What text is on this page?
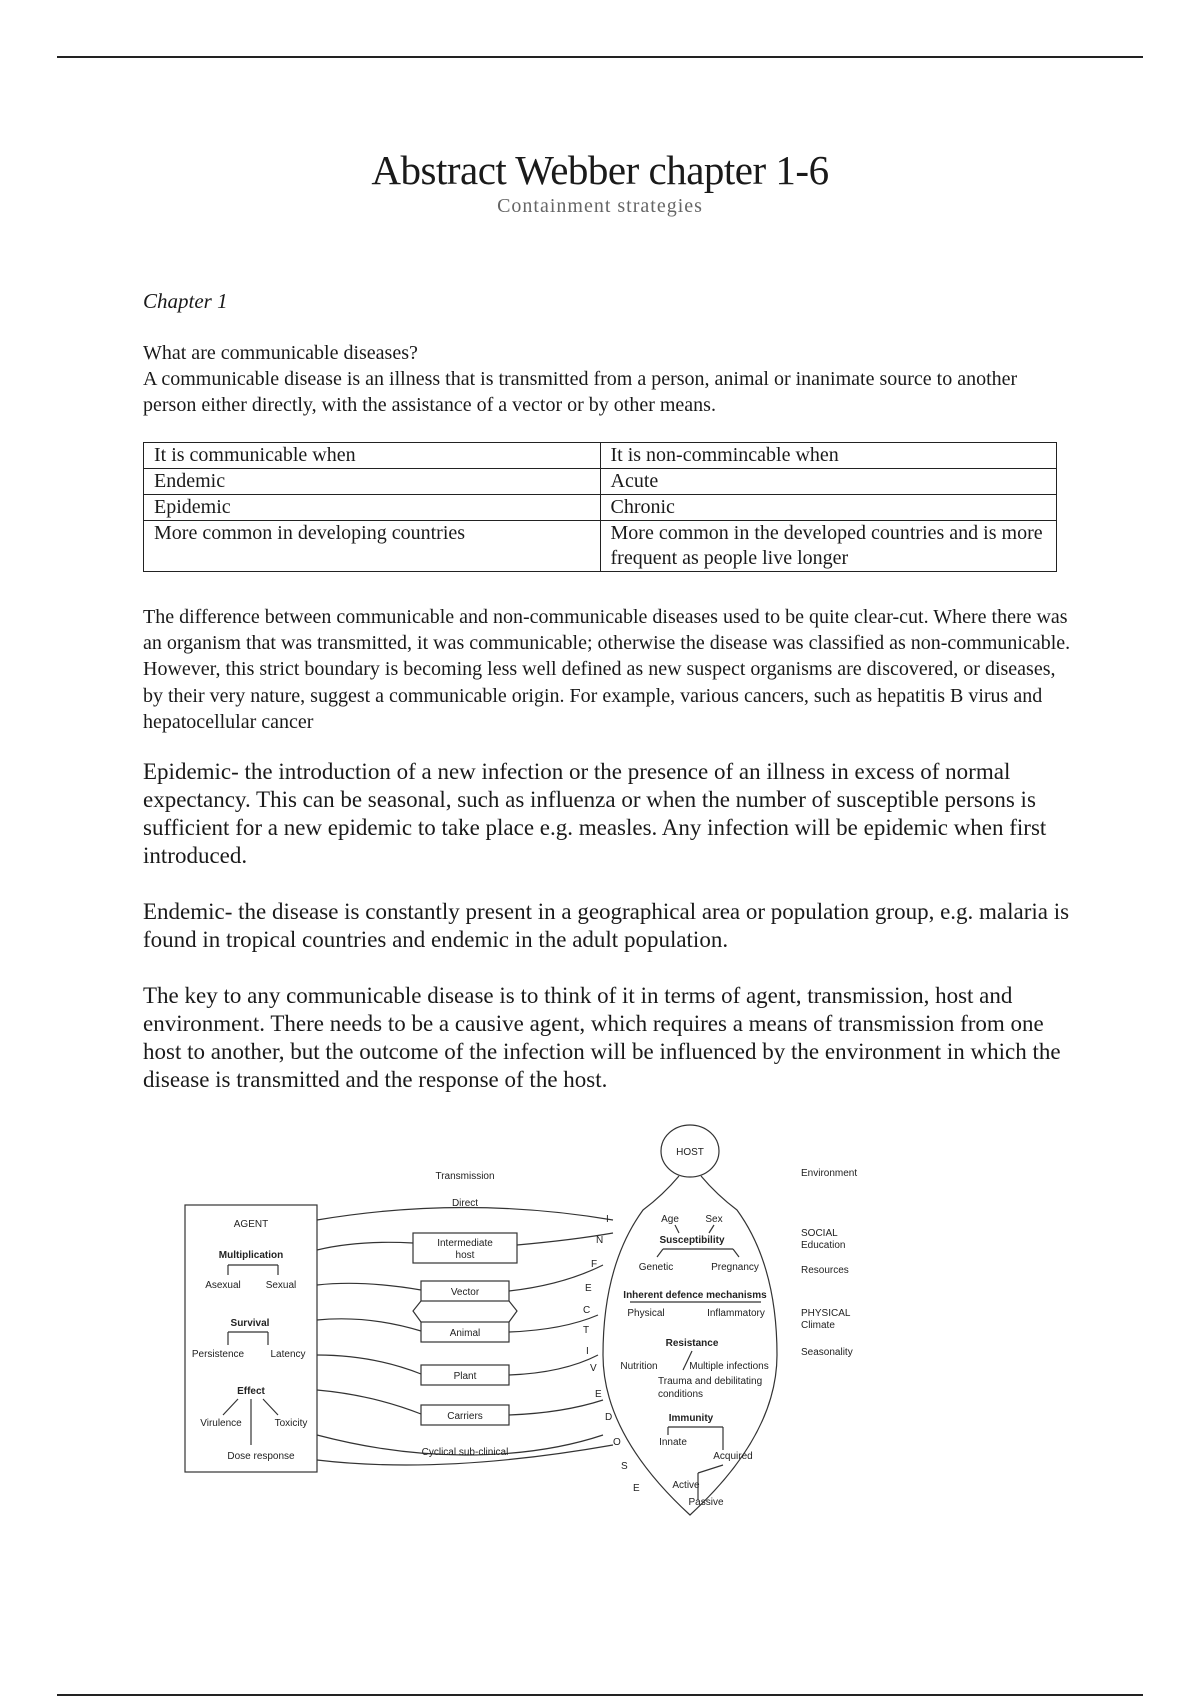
Abstract Webber chapter 1-6
Containment strategies
Chapter 1

What are communicable diseases?

A communicable disease is an illness that is transmitted from a person, animal or inanimate source to another person either directly, with the assistance of a vector or by other means.

It is communicable when	It is non-commincable when
Endemic	Acute
Epidemic	Chronic
More common in developing countries	More common in the developed countries and is more frequent as people live longer

The difference between communicable and non-communicable diseases used to be quite clear-cut. Where there was an organism that was transmitted, it was communicable; otherwise the disease was classified as non-communicable. However, this strict boundary is becoming less well defined as new suspect organisms are discovered, or diseases, by their very nature, suggest a communicable origin. For example, various cancers, such as hepatitis B virus and hepatocellular cancer

Epidemic- the introduction of a new infection or the presence of an illness in excess of normal expectancy. This can be seasonal, such as influenza or when the number of susceptible persons is sufficient for a new epidemic to take place e.g. measles. Any infection will be epidemic when first introduced.

Endemic- the disease is constantly present in a geographical area or population group, e.g. malaria is found in tropical countries and endemic in the adult population.

The key to any communicable disease is to think of it in terms of agent, transmission, host and environment. There needs to be a causive agent, which requires a means of transmission from one host to another, but the outcome of the infection will be influenced by the environment in which the disease is transmitted and the response of the host.

AGENT
Multiplication
Asexual Sexual
Survival
Persistence	Latency
Effect
Virulence	Toxicity
Dose response
Transmission
Direct
Intermediate
host
Vector
Animal
Plant
Carriers
Cyclical sub-clinical
I
N
F
E
C
T
I
V
E
D
O
S
E
HOST
Age	Sex
Susceptibility
Genetic	Pregnancy
Inherent defence mechanisms
Physical	Inflammatory
Resistance
Nutrition	Multiple infections
Trauma and debilitating
conditions
Immunity
Innate
Acquired
Active
Passive
Environment
SOCIAL
Education
Resources
PHYSICAL
Climate
Seasonality
